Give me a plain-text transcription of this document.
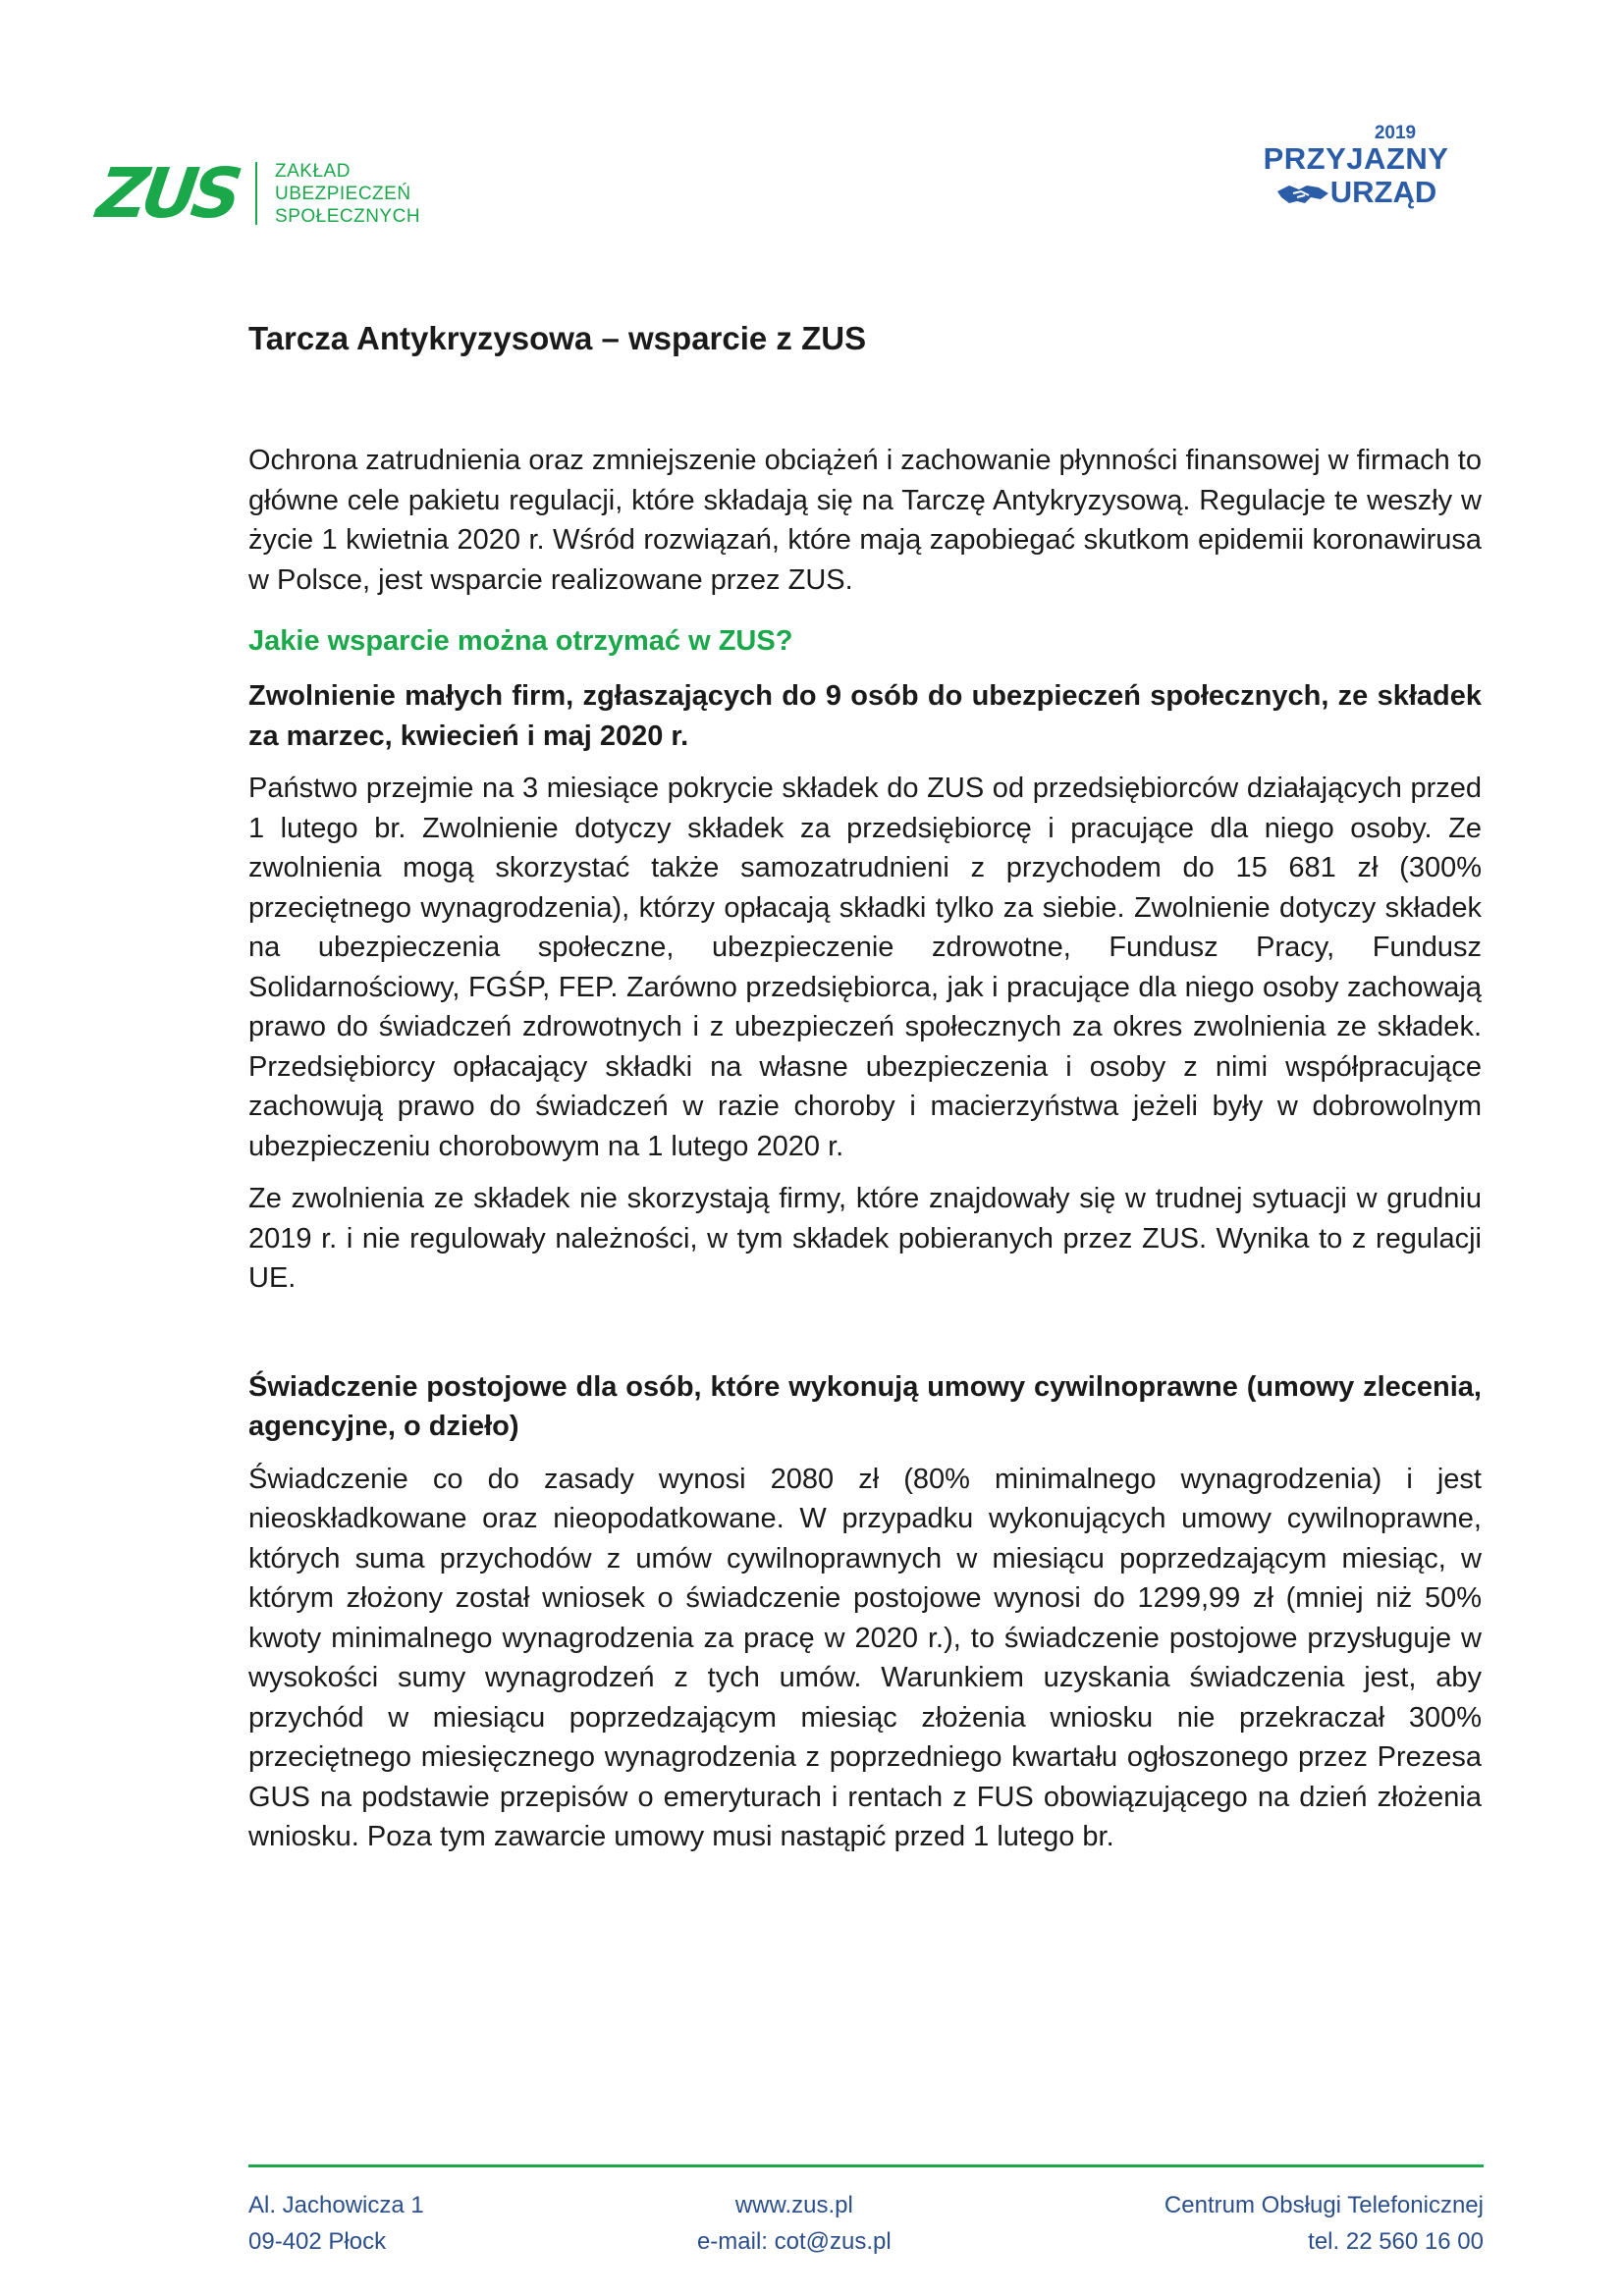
ZUS ZAKŁAD
UBEZPIECZEŃ
SPOŁECZNYCH
2019
PRZYJAZNY
URZĄD
Tarcza Antykryzysowa – wsparcie z ZUS

Ochrona zatrudnienia oraz zmniejszenie obciążeń i zachowanie płynności finansowej w firmach to główne cele pakietu regulacji, które składają się na Tarczę Antykryzysową. Regulacje te weszły w życie 1 kwietnia 2020 r. Wśród rozwiązań, które mają zapobiegać skutkom epidemii koronawirusa w Polsce, jest wsparcie realizowane przez ZUS.

Jakie wsparcie można otrzymać w ZUS?
Zwolnienie małych firm, zgłaszających do 9 osób do ubezpieczeń społecznych, ze składek za marzec, kwiecień i maj 2020 r.

Państwo przejmie na 3 miesiące pokrycie składek do ZUS od przedsiębiorców działających przed 1 lutego br. Zwolnienie dotyczy składek za przedsiębiorcę i pracujące dla niego osoby. Ze zwolnienia mogą skorzystać także samozatrudnieni z przychodem do 15 681 zł (300% przeciętnego wynagrodzenia), którzy opłacają składki tylko za siebie. Zwolnienie dotyczy składek na ubezpieczenia społeczne, ubezpieczenie zdrowotne, Fundusz Pracy, Fundusz Solidarnościowy, FGŚP, FEP. Zarówno przedsiębiorca, jak i pracujące dla niego osoby zachowają prawo do świadczeń zdrowotnych i z ubezpieczeń społecznych za okres zwolnienia ze składek. Przedsiębiorcy opłacający składki na własne ubezpieczenia i osoby z nimi współpracujące zachowują prawo do świadczeń w razie choroby i macierzyństwa jeżeli były w dobrowolnym ubezpieczeniu chorobowym na 1 lutego 2020 r.

Ze zwolnienia ze składek nie skorzystają firmy, które znajdowały się w trudnej sytuacji w grudniu 2019 r. i nie regulowały należności, w tym składek pobieranych przez ZUS. Wynika to z regulacji UE.

Świadczenie postojowe dla osób, które wykonują umowy cywilnoprawne (umowy zlecenia, agencyjne, o dzieło)

Świadczenie co do zasady wynosi 2080 zł (80% minimalnego wynagrodzenia) i jest nieoskładkowane oraz nieopodatkowane. W przypadku wykonujących umowy cywilnoprawne, których suma przychodów z umów cywilnoprawnych w miesiącu poprzedzającym miesiąc, w którym złożony został wniosek o świadczenie postojowe wynosi do 1299,99 zł (mniej niż 50% kwoty minimalnego wynagrodzenia za pracę w 2020 r.), to świadczenie postojowe przysługuje w wysokości sumy wynagrodzeń z tych umów. Warunkiem uzyskania świadczenia jest, aby przychód w miesiącu poprzedzającym miesiąc złożenia wniosku nie przekraczał 300% przeciętnego miesięcznego wynagrodzenia z poprzedniego kwartału ogłoszonego przez Prezesa GUS na podstawie przepisów o emeryturach i rentach z FUS obowiązującego na dzień złożenia wniosku. Poza tym zawarcie umowy musi nastąpić przed 1 lutego br.

Al. Jachowicza 1
09-402 Płock
www.zus.pl
e-mail: cot@zus.pl
Centrum Obsługi Telefonicznej
tel. 22 560 16 00
